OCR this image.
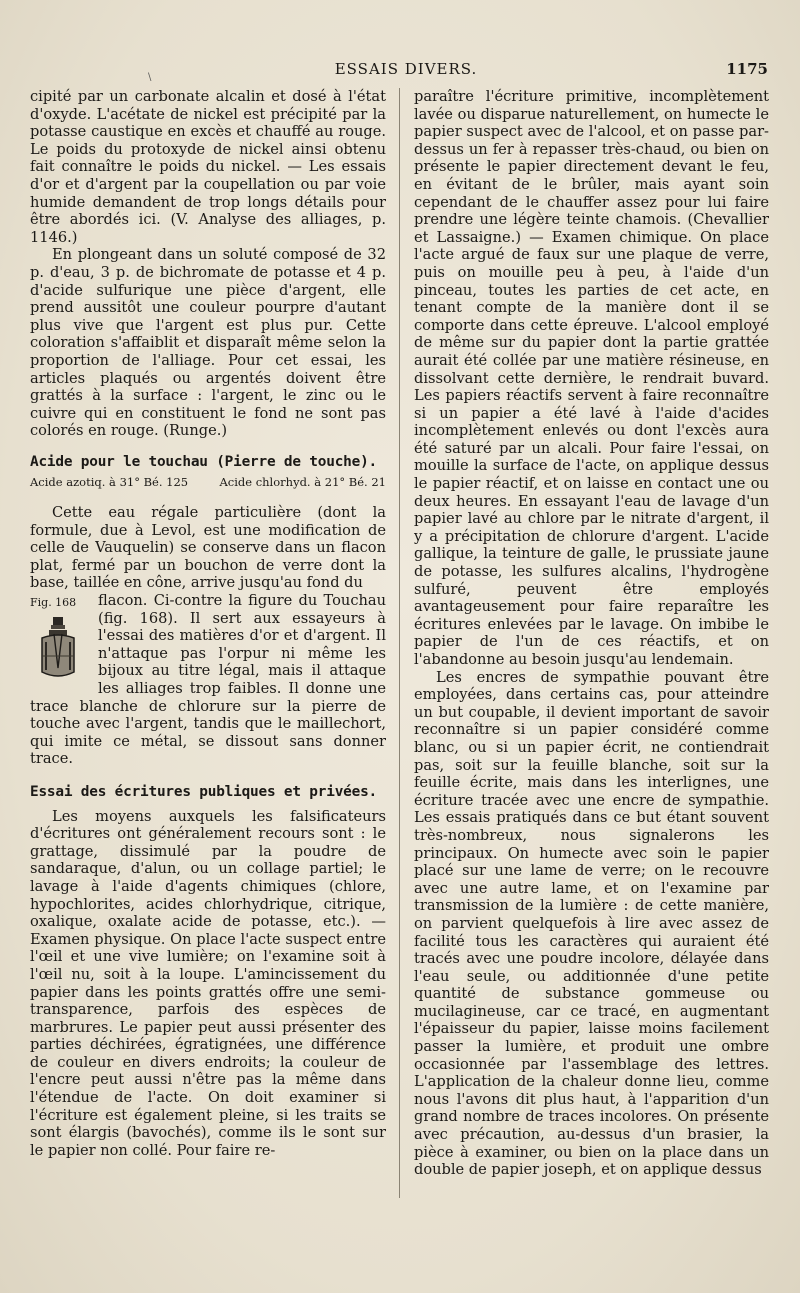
ESSAIS DIVERS.	1175
\

cipité par un carbonate alcalin et dosé à l'état d'oxyde. L'acétate de nickel est précipité par la potasse caustique en excès et chauffé au rouge. Le poids du protoxyde de nickel ainsi obtenu fait connaître le poids du nickel. — Les essais d'or et d'argent par la coupellation ou par voie humide demandent de trop longs détails pour être abordés ici. (V. Analyse des alliages, p. 1146.)

En plongeant dans un soluté composé de 32 p. d'eau, 3 p. de bichromate de potasse et 4 p. d'acide sulfurique une pièce d'argent, elle prend aussitôt une couleur pourpre d'autant plus vive que l'argent est plus pur. Cette coloration s'affaiblit et disparaît même selon la proportion de l'alliage. Pour cet essai, les articles plaqués ou argentés doivent être grattés à la surface : l'argent, le zinc ou le cuivre qui en constituent le fond ne sont pas colorés en rouge. (Runge.)

Acide pour le touchau (Pierre de touche).
Acide azotiq. à 31° Bé. 125	Acide chlorhyd. à 21° Bé. 21

Cette eau régale particulière (dont la formule, due à Levol, est une modification de celle de Vauquelin) se conserve dans un flacon plat, fermé par un bouchon de verre dont la base, taillée en cône, arrive jusqu'au fond du

Fig. 168	flacon. Ci-contre la figure du Touchau (fig. 168). Il sert aux essayeurs à l'essai des matières d'or et d'argent. Il n'attaque pas l'orpur ni même les bijoux au titre légal, mais il attaque les alliages trop faibles. Il donne une trace blanche de chlorure sur la pierre de touche avec l'argent, tandis que le maillechort, qui imite ce métal, se dissout sans donner trace.

Essai des écritures publiques et privées.

Les moyens auxquels les falsificateurs d'écritures ont généralement recours sont : le grattage, dissimulé par la poudre de sandaraque, d'alun, ou un collage partiel; le lavage à l'aide d'agents chimiques (chlore, hypochlorites, acides chlorhydrique, citrique, oxalique, oxalate acide de potasse, etc.). — Examen physique. On place l'acte suspect entre l'œil et une vive lumière; on l'examine soit à l'œil nu, soit à la loupe. L'amincissement du papier dans les points grattés offre une semi-transparence, parfois des espèces de marbrures. Le papier peut aussi présenter des parties déchirées, égratignées, une différence de couleur en divers endroits; la couleur de l'encre peut aussi n'être pas la même dans l'étendue de l'acte. On doit examiner si l'écriture est également pleine, si les traits se sont élargis (bavochés), comme ils le sont sur le papier non collé. Pour faire re-

paraître l'écriture primitive, incomplètement lavée ou disparue naturellement, on humecte le papier suspect avec de l'alcool, et on passe par-dessus un fer à repasser très-chaud, ou bien on présente le papier directement devant le feu, en évitant de le brûler, mais ayant soin cependant de le chauffer assez pour lui faire prendre une légère teinte chamois. (Chevallier et Lassaigne.) — Examen chimique. On place l'acte argué de faux sur une plaque de verre, puis on mouille peu à peu, à l'aide d'un pinceau, toutes les parties de cet acte, en tenant compte de la manière dont il se comporte dans cette épreuve. L'alcool employé de même sur du papier dont la partie grattée aurait été collée par une matière résineuse, en dissolvant cette dernière, le rendrait buvard. Les papiers réactifs servent à faire reconnaître si un papier a été lavé à l'aide d'acides incomplètement enlevés ou dont l'excès aura été saturé par un alcali. Pour faire l'essai, on mouille la surface de l'acte, on applique dessus le papier réactif, et on laisse en contact une ou deux heures. En essayant l'eau de lavage d'un papier lavé au chlore par le nitrate d'argent, il y a précipitation de chlorure d'argent. L'acide gallique, la teinture de galle, le prussiate jaune de potasse, les sulfures alcalins, l'hydrogène sulfuré, peuvent être employés avantageusement pour faire reparaître les écritures enlevées par le lavage. On imbibe le papier de l'un de ces réactifs, et on l'abandonne au besoin jusqu'au lendemain.

Les encres de sympathie pouvant être employées, dans certains cas, pour atteindre un but coupable, il devient important de savoir reconnaître si un papier considéré comme blanc, ou si un papier écrit, ne contiendrait pas, soit sur la feuille blanche, soit sur la feuille écrite, mais dans les interlignes, une écriture tracée avec une encre de sympathie. Les essais pratiqués dans ce but étant souvent très-nombreux, nous signalerons les principaux. On humecte avec soin le papier placé sur une lame de verre; on le recouvre avec une autre lame, et on l'examine par transmission de la lumière : de cette manière, on parvient quelquefois à lire avec assez de facilité tous les caractères qui auraient été tracés avec une poudre incolore, délayée dans l'eau seule, ou additionnée d'une petite quantité de substance gommeuse ou mucilagineuse, car ce tracé, en augmentant l'épaisseur du papier, laisse moins facilement passer la lumière, et produit une ombre occasionnée par l'assemblage des lettres. L'application de la chaleur donne lieu, comme nous l'avons dit plus haut, à l'apparition d'un grand nombre de traces incolores. On présente avec précaution, au-dessus d'un brasier, la pièce à examiner, ou bien on la place dans un double de papier joseph, et on applique dessus
